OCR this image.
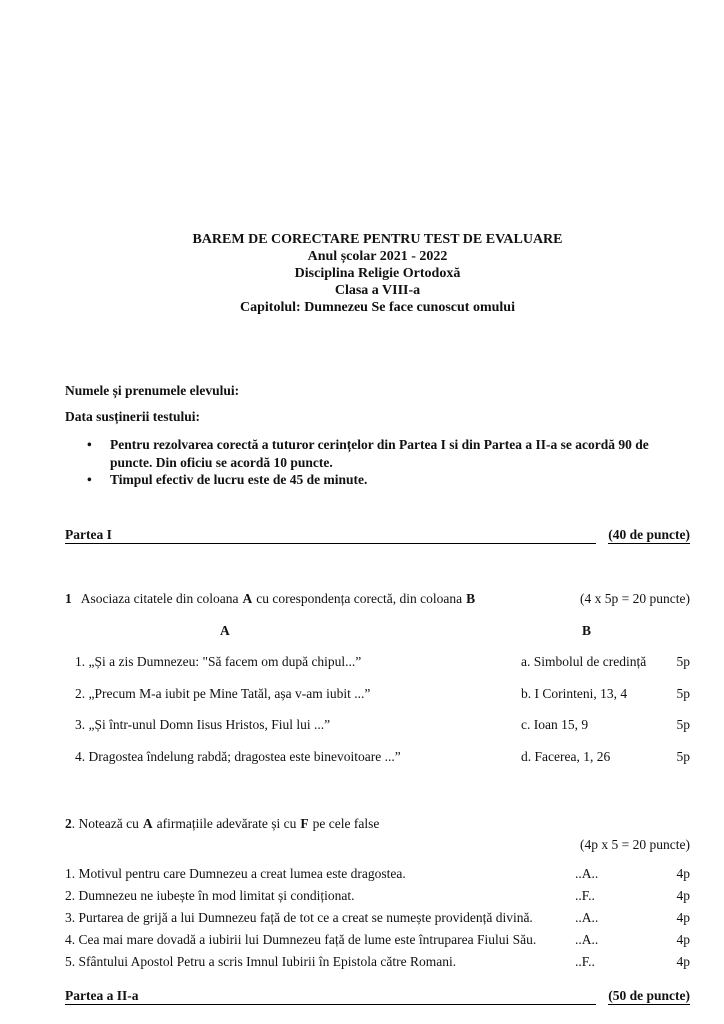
BAREM DE CORECTARE PENTRU TEST DE EVALUARE
Anul școlar 2021 - 2022
Disciplina Religie Ortodoxă
Clasa a VIII-a
Capitolul: Dumnezeu Se face cunoscut omului
Numele și prenumele elevului:
Data susținerii testului:
• Pentru rezolvarea corectă a tuturor cerințelor din Partea I si din Partea a II-a se acordă 90 de puncte. Din oficiu se acordă 10 puncte.
• Timpul efectiv de lucru este de 45 de minute.
Partea I	(40 de puncte)
1 Asociaza citatele din coloana A cu corespondența corectă, din coloana B	(4 x 5p = 20 puncte)
A	B
1. „Și a zis Dumnezeu: "Să facem om după chipul...”	a. Simbolul de credință	5p
2. „Precum M-a iubit pe Mine Tatăl, așa v-am iubit ...”	b. I Corinteni, 13, 4	5p
3. „Și într-unul Domn Iisus Hristos, Fiul lui ...”	c. Ioan 15, 9	5p
4. Dragostea îndelung rabdă; dragostea este binevoitoare ...”	d. Facerea, 1, 26	5p
2. Notează cu A afirmațiile adevărate și cu F pe cele false
(4p x 5 = 20 puncte)
1. Motivul pentru care Dumnezeu a creat lumea este dragostea.	..A..	4p
2. Dumnezeu ne iubește în mod limitat și condiționat.	..F..	4p
3. Purtarea de grijă a lui Dumnezeu față de tot ce a creat se numește providență divină.	..A..	4p
4. Cea mai mare dovadă a iubirii lui Dumnezeu față de lume este întruparea Fiului Său.	..A..	4p
5. Sfântului Apostol Petru a scris Imnul Iubirii în Epistola către Romani.	..F..	4p
Partea a II-a	(50 de puncte)
